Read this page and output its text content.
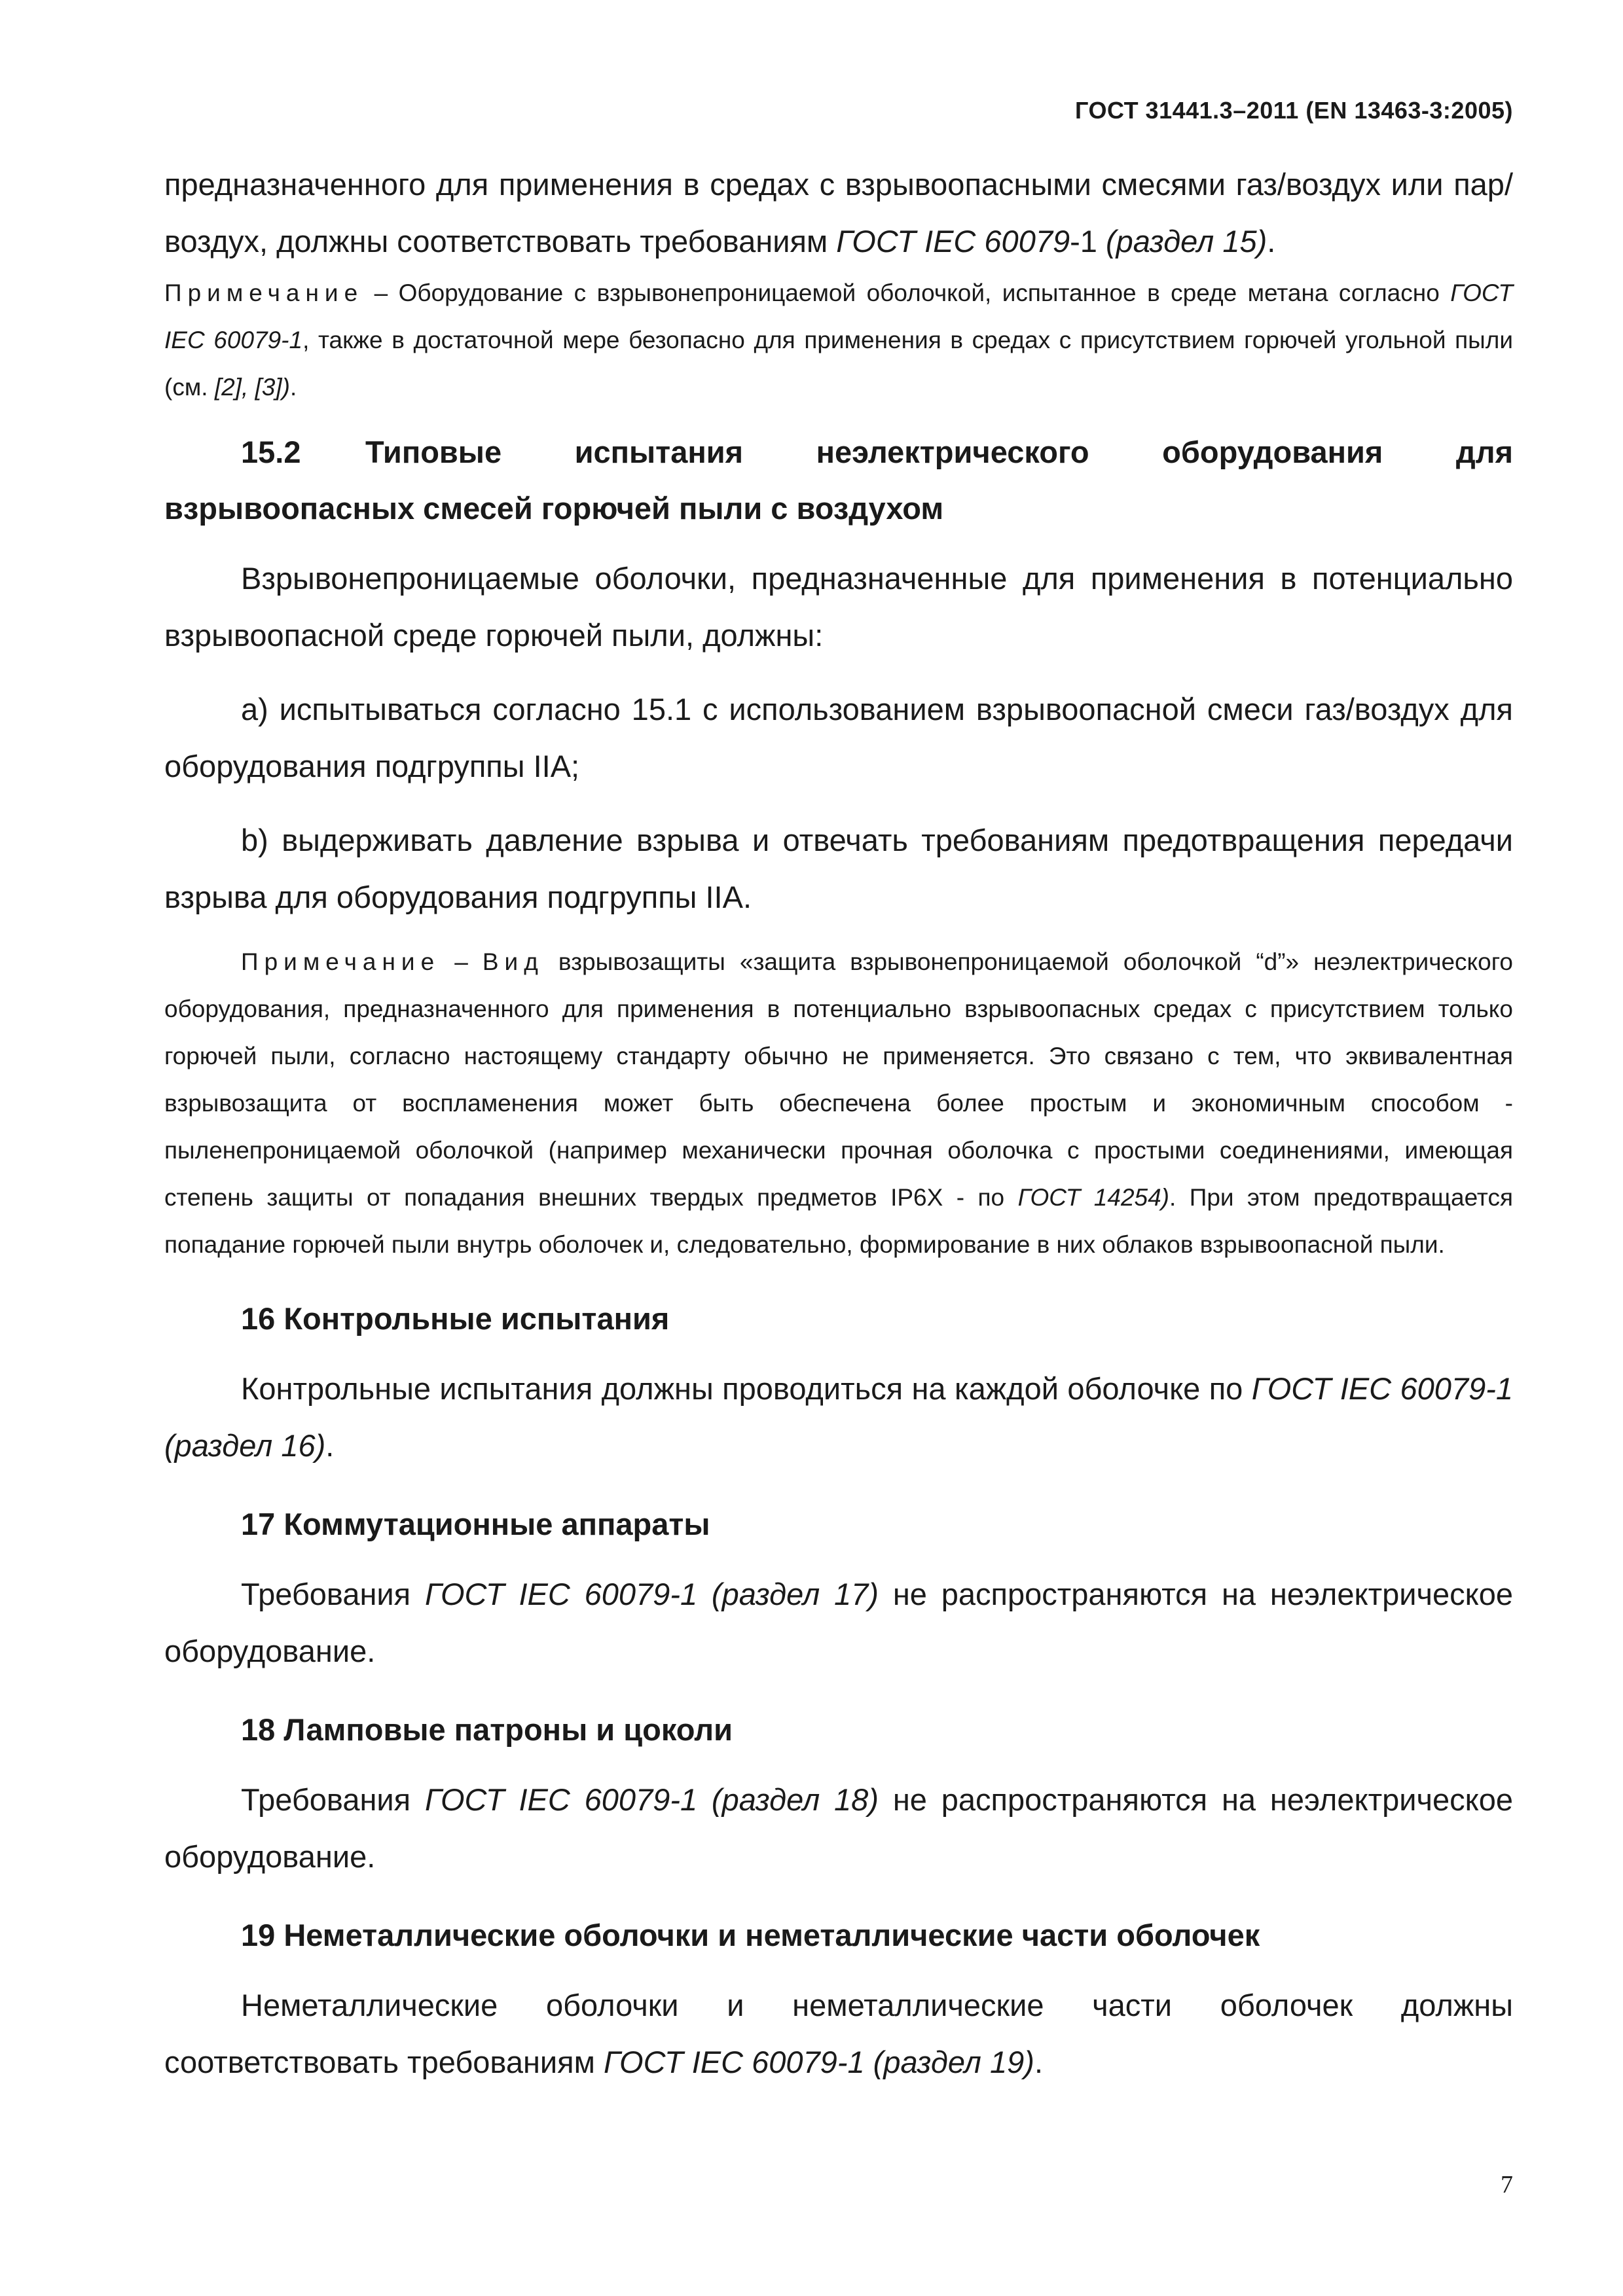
ГОСТ 31441.3–2011 (EN 13463-3:2005)

предназначенного для применения в средах с взрывоопасными смесями газ/воздух или пар/воздух, должны соответствовать требованиям ГОСТ IEC 60079-1 (раздел 15).

Примечание – Оборудование с взрывонепроницаемой оболочкой, испытанное в среде метана согласно ГОСТ IEC 60079-1, также в достаточной мере безопасно для применения в средах с присутствием горючей угольной пыли (см. [2], [3]).

15.2 Типовые испытания неэлектрического оборудования для взрывоопасных смесей горючей пыли с воздухом

Взрывонепроницаемые оболочки, предназначенные для применения в потенциально взрывоопасной среде горючей пыли, должны:

a) испытываться согласно 15.1 с использованием взрывоопасной смеси газ/воздух для оборудования подгруппы IIA;

b) выдерживать давление взрыва и отвечать требованиям предотвращения передачи взрыва для оборудования подгруппы IIA.

Примечание – Вид взрывозащиты «защита взрывонепроницаемой оболочкой “d”» неэлектрического оборудования, предназначенного для применения в потенциально взрывоопасных средах с присутствием только горючей пыли, согласно настоящему стандарту обычно не применяется. Это связано с тем, что эквивалентная взрывозащита от воспламенения может быть обеспечена более простым и экономичным способом - пыленепроницаемой оболочкой (например механически прочная оболочка с простыми соединениями, имеющая степень защиты от попадания внешних твердых предметов IP6X - по ГОСТ 14254). При этом предотвращается попадание горючей пыли внутрь оболочек и, следовательно, формирование в них облаков взрывоопасной пыли.

16 Контрольные испытания

Контрольные испытания должны проводиться на каждой оболочке по ГОСТ IEC 60079-1 (раздел 16).

17 Коммутационные аппараты

Требования ГОСТ IEC 60079-1 (раздел 17) не распространяются на неэлектрическое оборудование.

18 Ламповые патроны и цоколи

Требования ГОСТ IEC 60079-1 (раздел 18) не распространяются на неэлектрическое оборудование.

19 Неметаллические оболочки и неметаллические части оболочек

Неметаллические оболочки и неметаллические части оболочек должны соответствовать требованиям ГОСТ IEC 60079-1 (раздел 19).

7
